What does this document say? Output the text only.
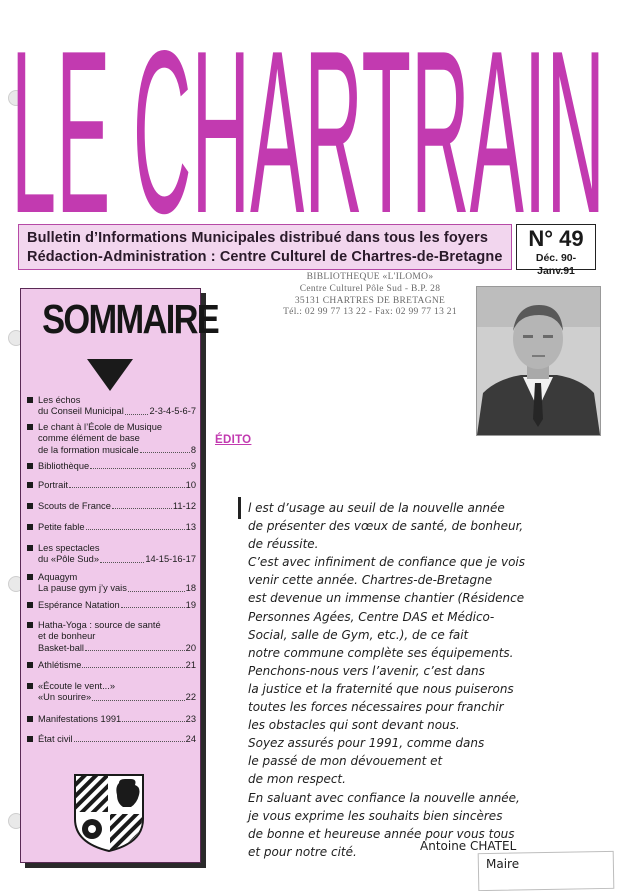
LE CHARTRAIN
Bulletin d’Informations Municipales distribué dans tous les foyers
Rédaction-Administration : Centre Culturel de Chartres-de-Bretagne
N° 49
Déc. 90-Janv.91
BIBLIOTHEQUE «L'ILOMO»
Centre Culturel Pôle Sud - B.P. 28
35131 CHARTRES DE BRETAGNE
Tél.: 02 99 77 13 22 - Fax: 02 99 77 13 21
SOMMAIRE
Les échos
du Conseil Municipal	2-3-4-5-6-7
Le chant à l’École de Musique
comme élément de base
de la formation musicale	8
Bibliothèque	9
Portrait	10
Scouts de France	11-12
Petite fable	13
Les spectacles
du «Pôle Sud»	14-15-16-17
Aquagym
La pause gym j’y vais	18
Espérance Natation	19
Hatha-Yoga : source de santé
et de bonheur
Basket-ball	20
Athlétisme	21
«Écoute le vent...»
«Un sourire»	22
Manifestations 1991	23
État civil	24
ÉDITO

l est d’usage au seuil de la nouvelle année

de présenter des vœux de santé, de bonheur,

de réussite.

C’est avec infiniment de confiance que je vois

venir cette année. Chartres-de-Bretagne

est devenue un immense chantier (Résidence

Personnes Agées, Centre DAS et Médico-

Social, salle de Gym, etc.), de ce fait

notre commune complète ses équipements.

Penchons-nous vers l’avenir, c’est dans

la justice et la fraternité que nous puiserons

toutes les forces nécessaires pour franchir

les obstacles qui sont devant nous.

Soyez assurés pour 1991, comme dans

le passé de mon dévouement et

de mon respect.

En saluant avec confiance la nouvelle année,

je vous exprime les souhaits bien sincères

de bonne et heureuse année pour vous tous

et pour notre cité.	Antoine CHATEL
Maire
